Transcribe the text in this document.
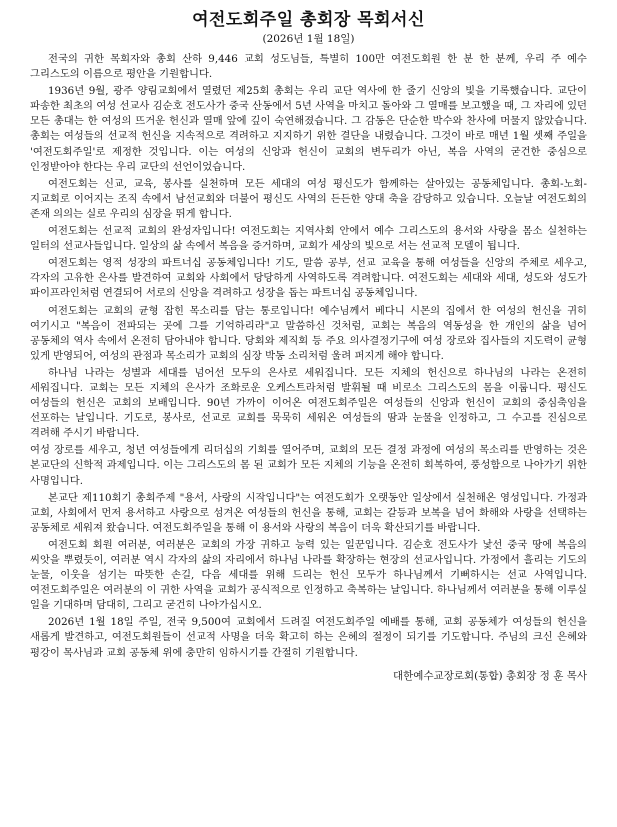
여전도회주일 총회장 목회서신
(2026년 1월 18일)

전국의 귀한 목회자와 총회 산하 9,446 교회 성도님들, 특별히 100만 여전도회원 한 분 한 분께, 우리 주 예수 그리스도의 이름으로 평안을 기원합니다.

1936년 9월, 광주 양림교회에서 열렸던 제25회 총회는 우리 교단 역사에 한 줄기 신앙의 빛을 기록했습니다. 교단이 파송한 최초의 여성 선교사 김순호 전도사가 중국 산동에서 5년 사역을 마치고 돌아와 그 열매를 보고했을 때, 그 자리에 있던 모든 총대는 한 여성의 뜨거운 헌신과 열매 앞에 깊이 숙연해졌습니다. 그 감동은 단순한 박수와 찬사에 머물지 않았습니다. 총회는 여성들의 선교적 헌신을 지속적으로 격려하고 지지하기 위한 결단을 내렸습니다. 그것이 바로 매년 1월 셋째 주일을 '여전도회주일'로 제정한 것입니다. 이는 여성의 신앙과 헌신이 교회의 변두리가 아닌, 복음 사역의 굳건한 중심으로 인정받아야 한다는 우리 교단의 선언이었습니다.

여전도회는 신교, 교육, 봉사를 실천하며 모든 세대의 여성 평신도가 함께하는 살아있는 공동체입니다. 총회-노회-지교회로 이어지는 조직 속에서 남선교회와 더불어 평신도 사역의 든든한 양대 축을 감당하고 있습니다. 오늘날 여전도회의 존재 의의는 실로 우리의 심장을 뛰게 합니다.

여전도회는 선교적 교회의 완성자입니다! 여전도회는 지역사회 안에서 예수 그리스도의 용서와 사랑을 몸소 실천하는 일터의 선교사들입니다. 일상의 삶 속에서 복음을 증거하며, 교회가 세상의 빛으로 서는 선교적 모델이 됩니다.

여전도회는 영적 성장의 파트너십 공동체입니다! 기도, 말씀 공부, 선교 교육을 통해 여성들을 신앙의 주체로 세우고, 각자의 고유한 은사를 발견하여 교회와 사회에서 당당하게 사역하도록 격려합니다. 여전도회는 세대와 세대, 성도와 성도가 파이프라인처럼 연결되어 서로의 신앙을 격려하고 성장을 돕는 파트너십 공동체입니다.

여전도회는 교회의 균형 잡힌 목소리를 담는 통로입니다! 예수님께서 베다니 시몬의 집에서 한 여성의 헌신을 귀히 여기시고 "복음이 전파되는 곳에 그를 기억하리라"고 말씀하신 것처럼, 교회는 복음의 역동성을 한 개인의 삶을 넘어 공동체의 역사 속에서 온전히 담아내야 합니다. 당회와 제직회 등 주요 의사결정기구에 여성 장로와 집사들의 지도력이 균형 있게 반영되어, 여성의 관점과 목소리가 교회의 심장 박동 소리처럼 울려 퍼지게 해야 합니다.

하나님 나라는 성별과 세대를 넘어선 모두의 은사로 세워집니다. 모든 지체의 헌신으로 하나님의 나라는 온전히 세워집니다. 교회는 모든 지체의 은사가 조화로운 오케스트라처럼 발휘될 때 비로소 그리스도의 몸을 이룹니다. 평신도 여성들의 헌신은 교회의 보배입니다. 90년 가까이 이어온 여전도회주일은 여성들의 신앙과 헌신이 교회의 중심축임을 선포하는 날입니다. 기도로, 봉사로, 선교로 교회를 묵묵히 세워온 여성들의 땀과 눈물을 인정하고, 그 수고를 진심으로 격려해 주시기 바랍니다.

여성 장로를 세우고, 청년 여성들에게 리더십의 기회를 열어주며, 교회의 모든 결정 과정에 여성의 목소리를 반영하는 것은 본교단의 신학적 과제입니다. 이는 그리스도의 몸 된 교회가 모든 지체의 기능을 온전히 회복하여, 풍성함으로 나아가기 위한 사명입니다.

본교단 제110회기 총회주제 "용서, 사랑의 시작입니다"는 여전도회가 오랫동안 일상에서 실천해온 영성입니다. 가정과 교회, 사회에서 먼저 용서하고 사랑으로 섬겨온 여성들의 헌신을 통해, 교회는 갈등과 보복을 넘어 화해와 사랑을 선택하는 공동체로 세워져 왔습니다. 여전도회주일을 통해 이 용서와 사랑의 복음이 더욱 확산되기를 바랍니다.

여전도회 회원 여러분, 여러분은 교회의 가장 귀하고 능력 있는 일꾼입니다. 김순호 전도사가 낯선 중국 땅에 복음의 씨앗을 뿌렸듯이, 여러분 역시 각자의 삶의 자리에서 하나님 나라를 확장하는 현장의 선교사입니다. 가정에서 흘리는 기도의 눈물, 이웃을 섬기는 따뜻한 손길, 다음 세대를 위해 드리는 헌신 모두가 하나님께서 기뻐하시는 선교 사역입니다. 여전도회주일은 여러분의 이 귀한 사역을 교회가 공식적으로 인정하고 축복하는 날입니다. 하나님께서 여러분을 통해 이루실 일을 기대하며 담대히, 그리고 굳건히 나아가십시오.

2026년 1월 18일 주일, 전국 9,500여 교회에서 드려질 여전도회주일 예배를 통해, 교회 공동체가 여성들의 헌신을 새롭게 발견하고, 여전도회원들이 선교적 사명을 더욱 확고히 하는 은혜의 절정이 되기를 기도합니다. 주님의 크신 은혜와 평강이 목사님과 교회 공동체 위에 충만히 임하시기를 간절히 기원합니다.

대한예수교장로회(통합) 총회장 정 훈 목사
